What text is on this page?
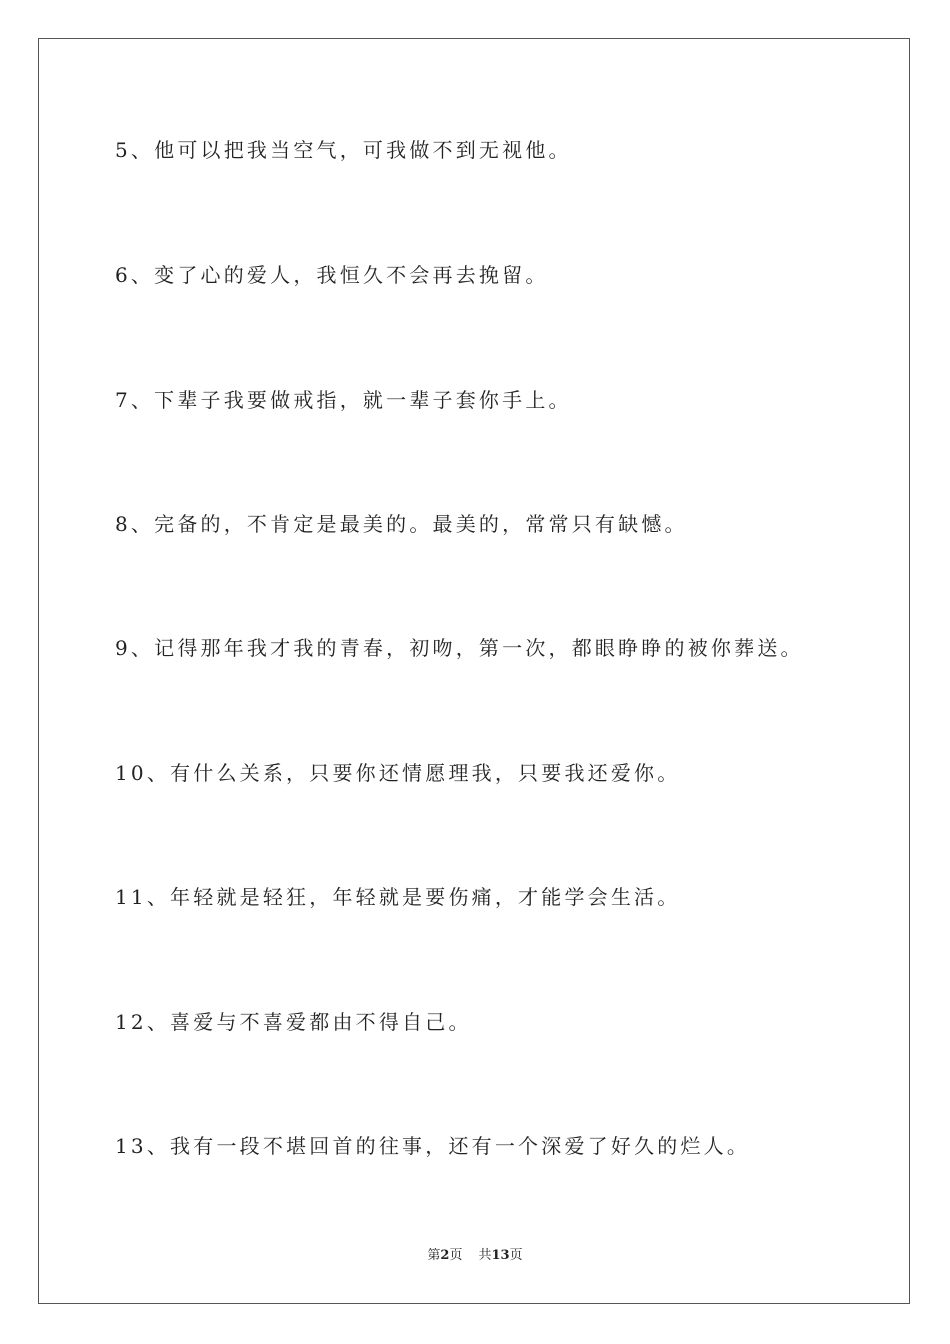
5、他可以把我当空气，可我做不到无视他。
6、变了心的爱人，我恒久不会再去挽留。
7、下辈子我要做戒指，就一辈子套你手上。
8、完备的，不肯定是最美的。最美的，常常只有缺憾。
9、记得那年我才我的青春，初吻，第一次，都眼睁睁的被你葬送。
10、有什么关系，只要你还情愿理我，只要我还爱你。
11、年轻就是轻狂，年轻就是要伤痛，才能学会生活。
12、喜爱与不喜爱都由不得自己。
13、我有一段不堪回首的往事，还有一个深爱了好久的烂人。
第2页 共13页
